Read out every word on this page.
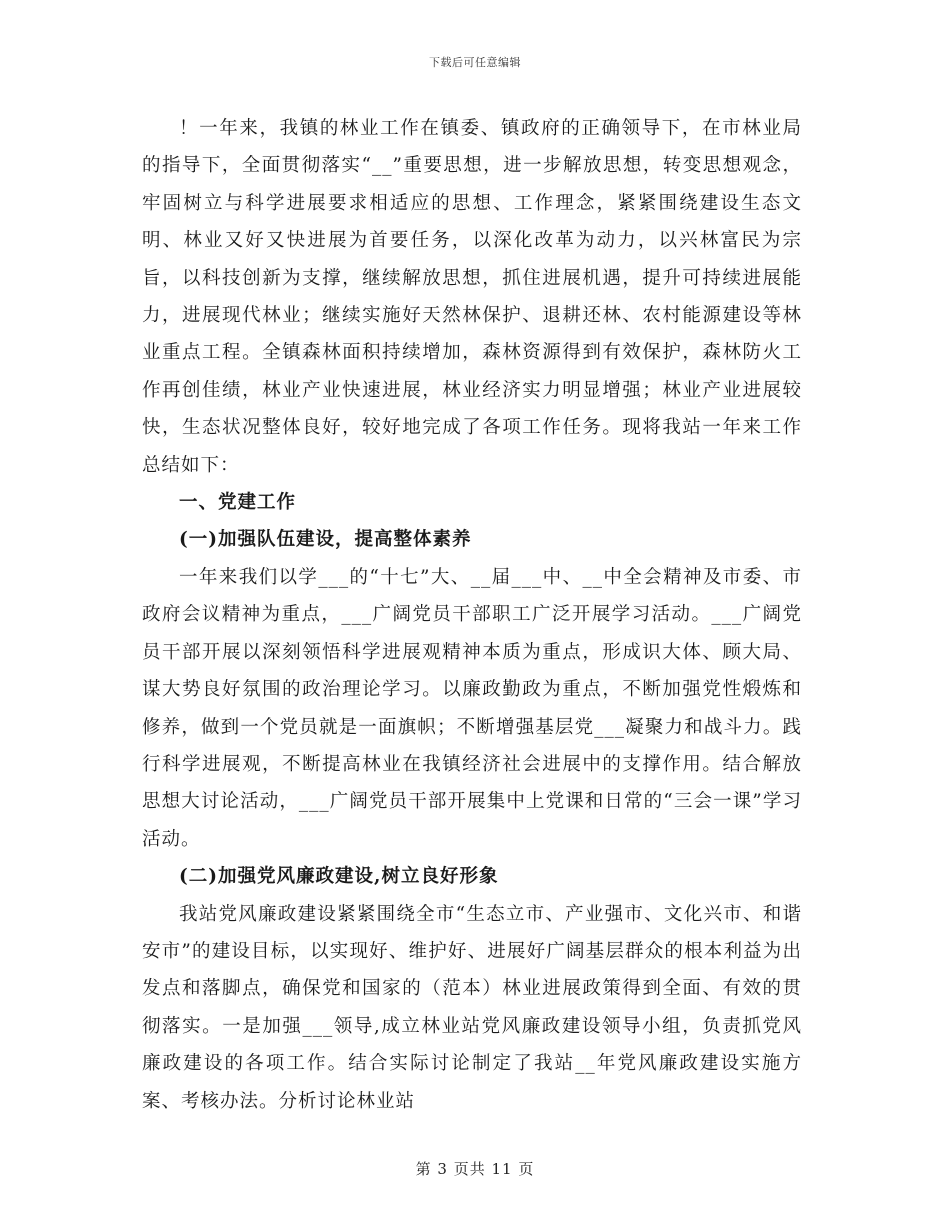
下载后可任意编辑

！一年来，我镇的林业工作在镇委、镇政府的正确领导下，在市林业局的指导下，全面贯彻落实“__”重要思想，进一步解放思想，转变思想观念，牢固树立与科学进展要求相适应的思想、工作理念，紧紧围绕建设生态文明、林业又好又快进展为首要任务，以深化改革为动力，以兴林富民为宗旨，以科技创新为支撑，继续解放思想，抓住进展机遇，提升可持续进展能力，进展现代林业；继续实施好天然林保护、退耕还林、农村能源建设等林业重点工程。全镇森林面积持续增加，森林资源得到有效保护，森林防火工作再创佳绩，林业产业快速进展，林业经济实力明显增强；林业产业进展较快，生态状况整体良好，较好地完成了各项工作任务。现将我站一年来工作总结如下：

一、党建工作

(一)加强队伍建设，提高整体素养

一年来我们以学___的“十七”大、__届___中、__中全会精神及市委、市政府会议精神为重点，___广阔党员干部职工广泛开展学习活动。___广阔党员干部开展以深刻领悟科学进展观精神本质为重点，形成识大体、顾大局、谋大势良好氛围的政治理论学习。以廉政勤政为重点，不断加强党性煅炼和修养，做到一个党员就是一面旗帜；不断增强基层党___凝聚力和战斗力。践行科学进展观，不断提高林业在我镇经济社会进展中的支撑作用。结合解放思想大讨论活动，___广阔党员干部开展集中上党课和日常的“三会一课”学习活动。

(二)加强党风廉政建设,树立良好形象

我站党风廉政建设紧紧围绕全市“生态立市、产业强市、文化兴市、和谐安市”的建设目标，以实现好、维护好、进展好广阔基层群众的根本利益为出发点和落脚点，确保党和国家的（范本）林业进展政策得到全面、有效的贯彻落实。一是加强___领导,成立林业站党风廉政建设领导小组，负责抓党风廉政建设的各项工作。结合实际讨论制定了我站__年党风廉政建设实施方案、考核办法。分析讨论林业站

第 3 页共 11 页
